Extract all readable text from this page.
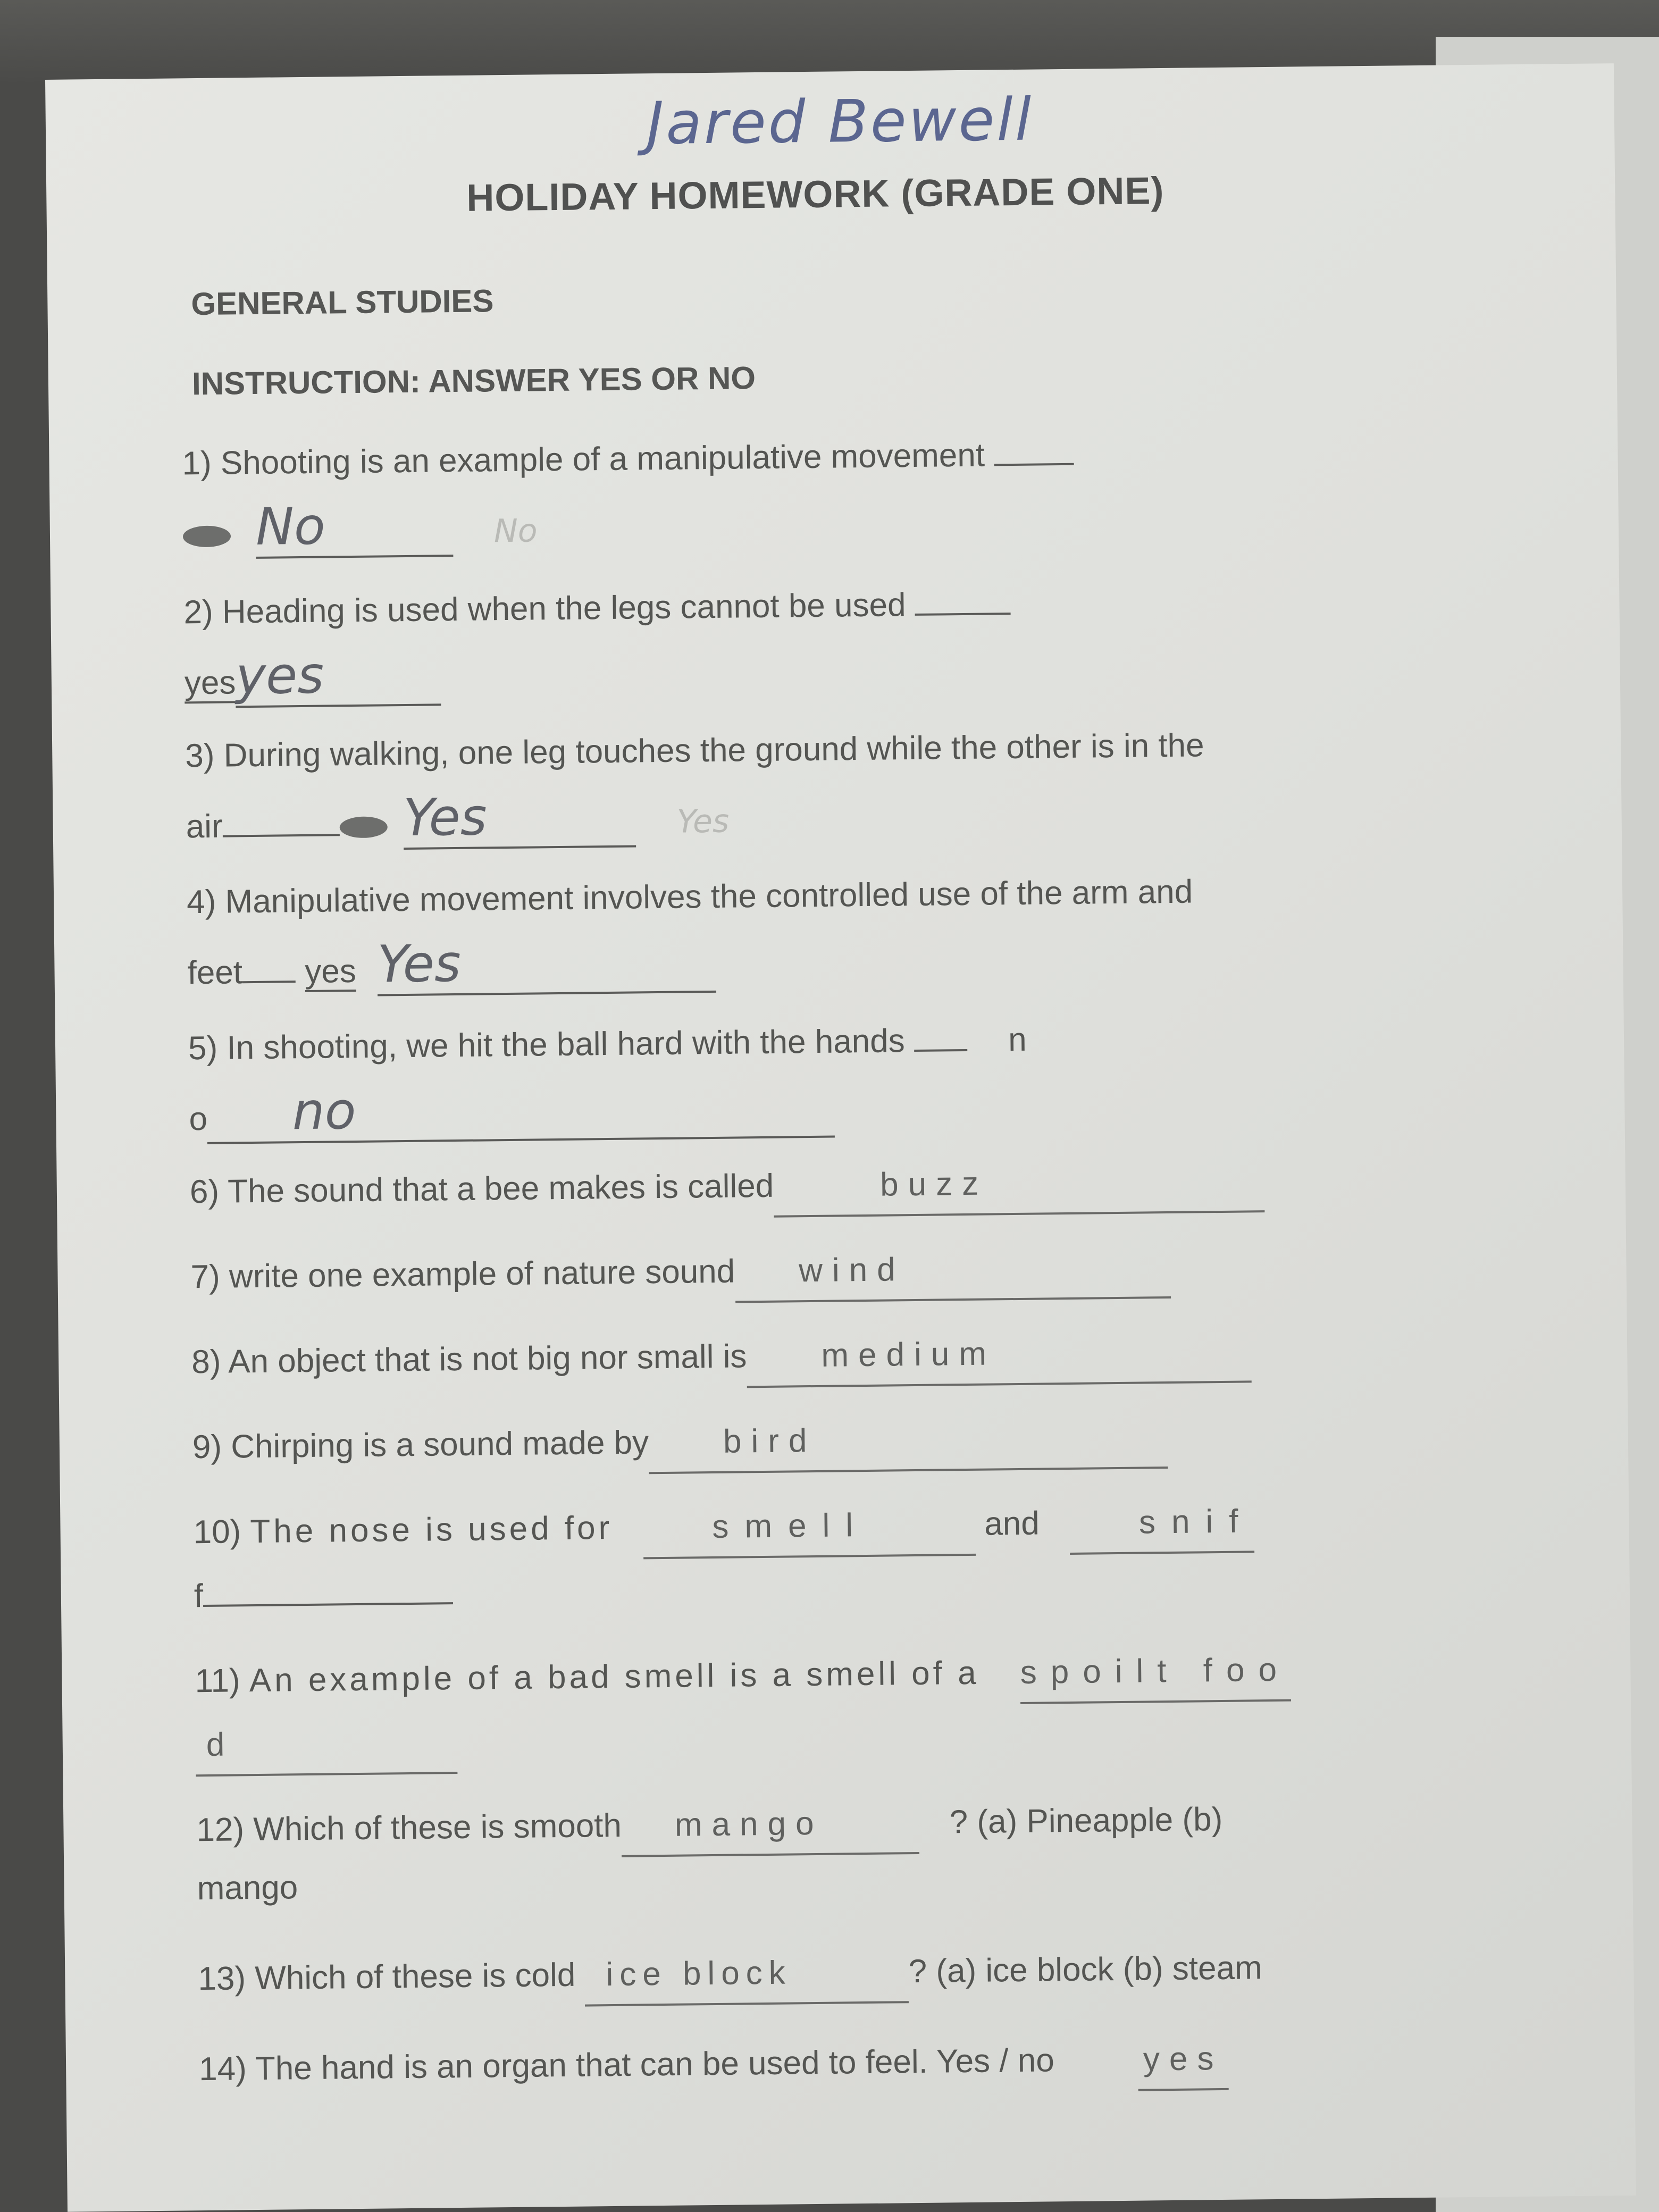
Jared Bewell
HOLIDAY HOMEWORK (GRADE ONE)
GENERAL STUDIES
INSTRUCTION: ANSWER YES OR NO
1) Shooting is an example of a manipulative movement
No	No
2) Heading is used when the legs cannot be used
yesyes
3) During walking, one leg touches the ground while the other is in the
air	Yes	Yes
4) Manipulative movement involves the controlled use of the arm and
feet yes Yes
5) In shooting, we hit the ball hard with the hands	n
o no
6) The sound that a bee makes is called	buzz
7) write one example of nature sound wind
8) An object that is not big nor small is medium
9) Chirping is a sound made by bird
10) The nose is used for	smell	and	snif
f
11) An example of a bad smell is a smell of a spoilt foo
d
12) Which of these is smooth mango	? (a) Pineapple (b)
mango
13) Which of these is cold ice block	? (a) ice block (b) steam
14) The hand is an organ that can be used to feel. Yes / no	yes
